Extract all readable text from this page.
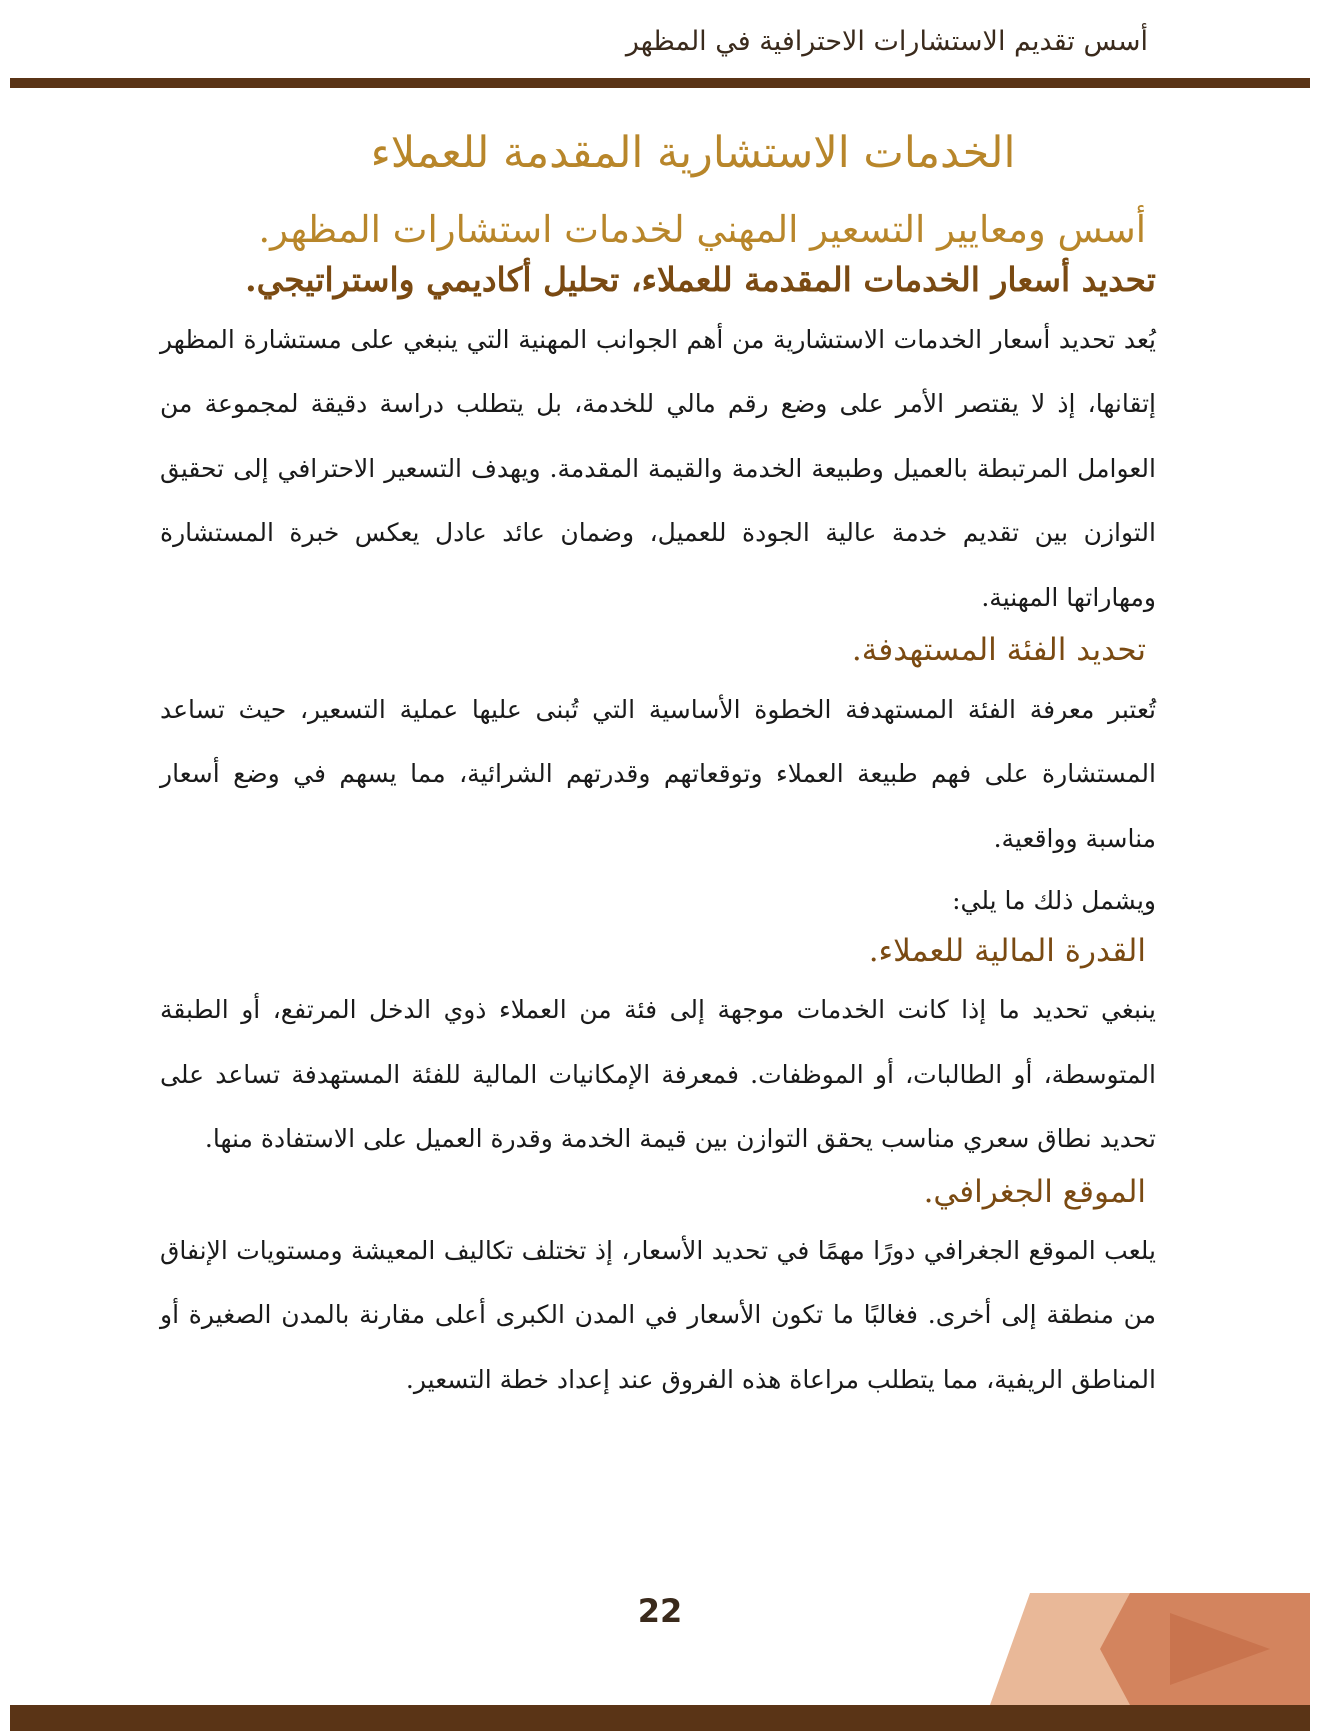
أسس تقديم الاستشارات الاحترافية في المظهر
الخدمات الاستشارية المقدمة للعملاء
أسس ومعايير التسعير المهني لخدمات استشارات المظهر.
تحديد أسعار الخدمات المقدمة للعملاء، تحليل أكاديمي واستراتيجي.

يُعد تحديد أسعار الخدمات الاستشارية من أهم الجوانب المهنية التي ينبغي على مستشارة المظهر إتقانها، إذ لا يقتصر الأمر على وضع رقم مالي للخدمة، بل يتطلب دراسة دقيقة لمجموعة من العوامل المرتبطة بالعميل وطبيعة الخدمة والقيمة المقدمة. ويهدف التسعير الاحترافي إلى تحقيق التوازن بين تقديم خدمة عالية الجودة للعميل، وضمان عائد عادل يعكس خبرة المستشارة ومهاراتها المهنية.

تحديد الفئة المستهدفة.

تُعتبر معرفة الفئة المستهدفة الخطوة الأساسية التي تُبنى عليها عملية التسعير، حيث تساعد المستشارة على فهم طبيعة العملاء وتوقعاتهم وقدرتهم الشرائية، مما يسهم في وضع أسعار مناسبة وواقعية.

ويشمل ذلك ما يلي:

القدرة المالية للعملاء.

ينبغي تحديد ما إذا كانت الخدمات موجهة إلى فئة من العملاء ذوي الدخل المرتفع، أو الطبقة المتوسطة، أو الطالبات، أو الموظفات. فمعرفة الإمكانيات المالية للفئة المستهدفة تساعد على تحديد نطاق سعري مناسب يحقق التوازن بين قيمة الخدمة وقدرة العميل على الاستفادة منها.

الموقع الجغرافي.

يلعب الموقع الجغرافي دورًا مهمًا في تحديد الأسعار، إذ تختلف تكاليف المعيشة ومستويات الإنفاق من منطقة إلى أخرى. فغالبًا ما تكون الأسعار في المدن الكبرى أعلى مقارنة بالمدن الصغيرة أو المناطق الريفية، مما يتطلب مراعاة هذه الفروق عند إعداد خطة التسعير.

22
